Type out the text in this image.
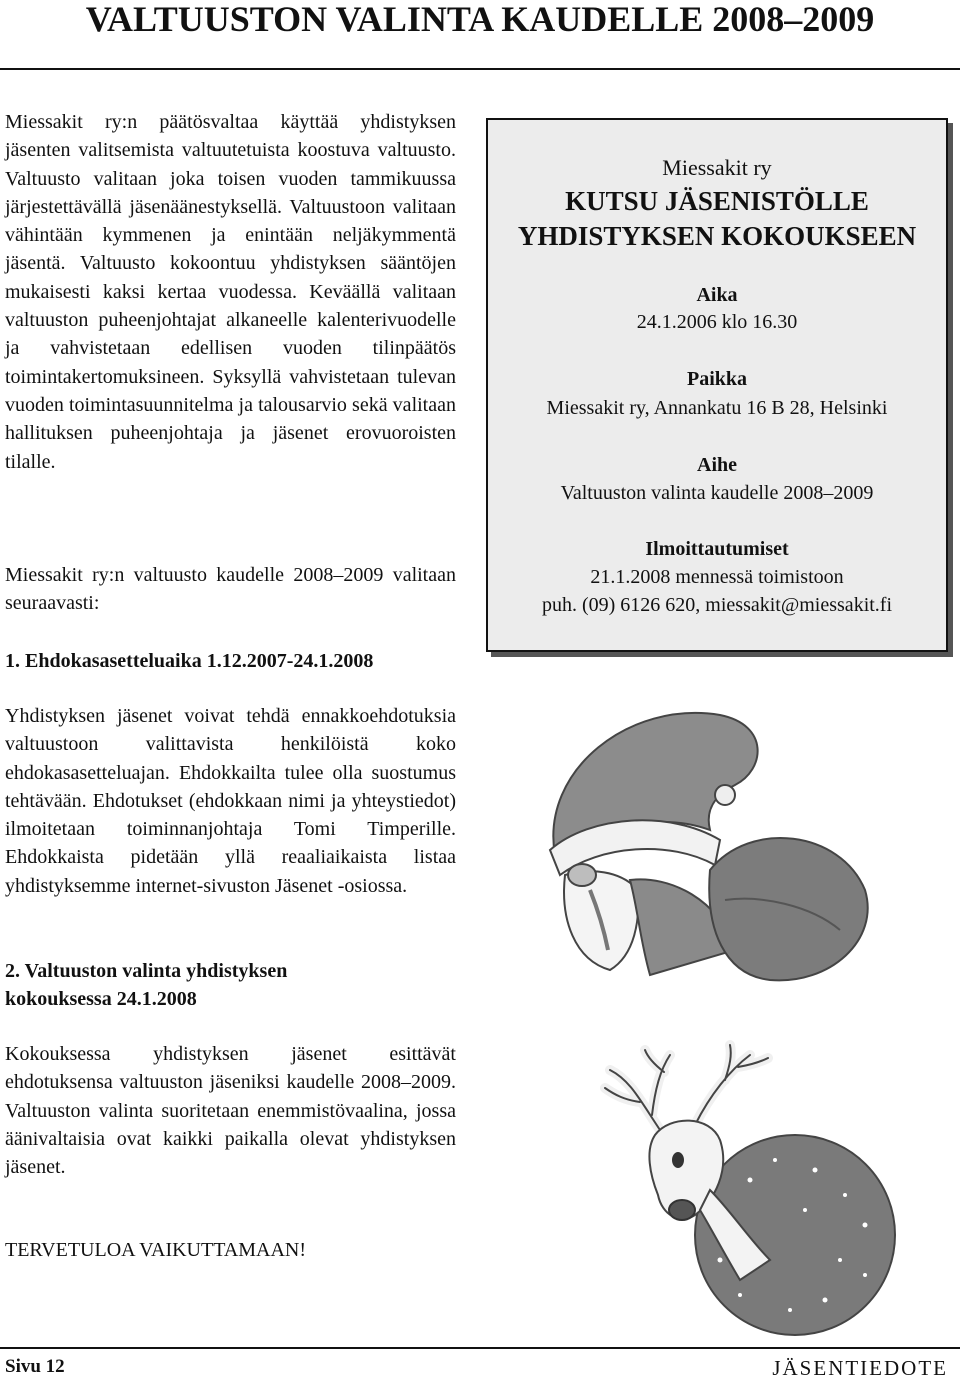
VALTUUSTON VALINTA KAUDELLE 2008–2009

Miessakit ry:n päätösvaltaa käyttää yhdistyksen jäsenten valitsemista valtuutetuista koostuva valtuusto. Valtuusto valitaan joka toisen vuoden tammikuussa järjestettävällä jäsenäänestyksellä. Valtuustoon valitaan vähintään kymmenen ja enintään neljäkymmentä jäsentä. Valtuusto kokoontuu yhdistyksen sääntöjen mukaisesti kaksi kertaa vuodessa. Keväällä valitaan valtuuston puheenjohtajat alkaneelle kalenterivuodelle ja vahvistetaan edellisen vuoden tilinpäätös toimintakertomuksineen. Syksyllä vahvistetaan tulevan vuoden toimintasuunnitelma ja talousarvio sekä valitaan hallituksen puheenjohtaja ja jäsenet erovuoroisten tilalle.

Miessakit ry:n valtuusto kaudelle 2008–2009 valitaan seuraavasti:

1. Ehdokasasetteluaika 1.12.2007-24.1.2008

Yhdistyksen jäsenet voivat tehdä ennakkoehdotuksia valtuustoon valittavista henkilöistä koko ehdokasasetteluajan. Ehdokkailta tulee olla suostumus tehtävään. Ehdotukset (ehdokkaan nimi ja yhteystiedot) ilmoitetaan toiminnanjohtaja Tomi Timperille. Ehdokkaista pidetään yllä reaaliaikaista listaa yhdistyksemme internet-sivuston Jäsenet -osiossa.

2. Valtuuston valinta yhdistyksen kokouksessa 24.1.2008

Kokouksessa yhdistyksen jäsenet esittävät ehdotuksensa valtuuston jäseniksi kaudelle 2008–2009. Valtuuston valinta suoritetaan enemmistövaalina, jossa äänivaltaisia ovat kaikki paikalla olevat yhdistyksen jäsenet.

TERVETULOA VAIKUTTAMAAN!

Miessakit ry
KUTSU JÄSENISTÖLLE
YHDISTYKSEN KOKOUKSEEN
Aika
24.1.2006 klo 16.30
Paikka
Miessakit ry, Annankatu 16 B 28, Helsinki
Aihe
Valtuuston valinta kaudelle 2008–2009
Ilmoittautumiset
21.1.2008 mennessä toimistoon
puh. (09) 6126 620, miessakit@miessakit.fi
Sivu 12	JÄSENTIEDOTE
